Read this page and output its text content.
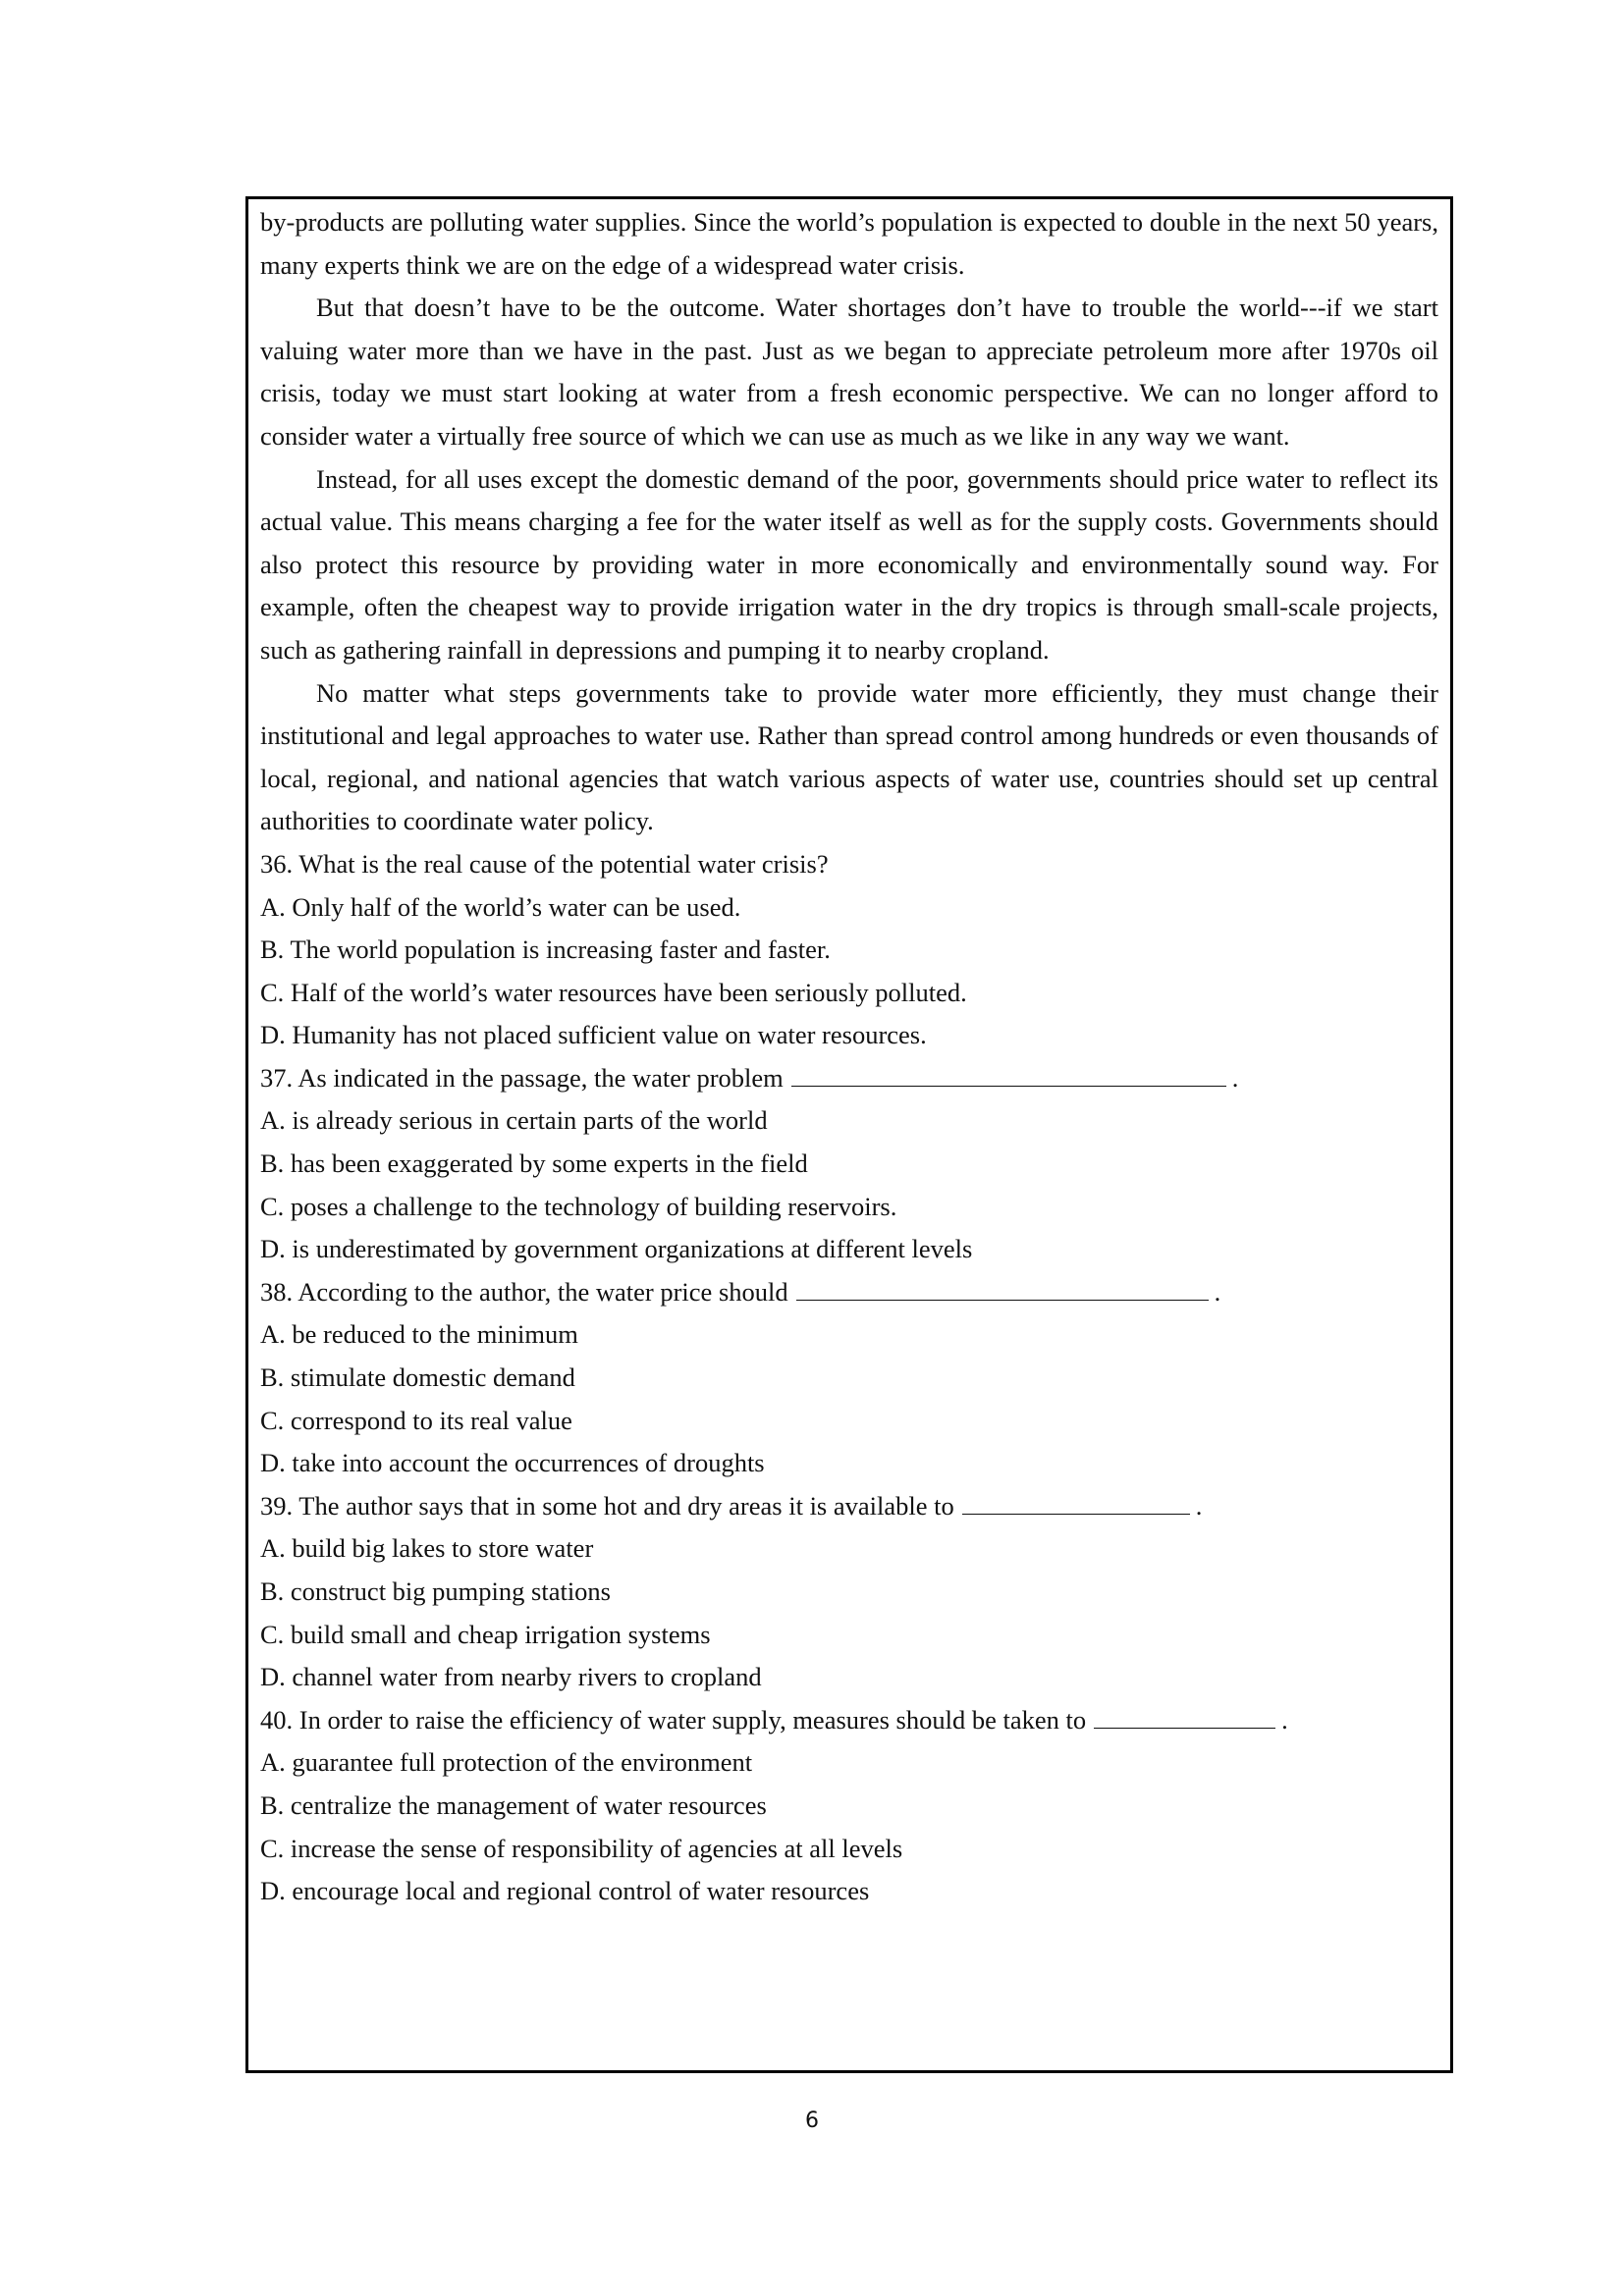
by-products are polluting water supplies. Since the world’s population is expected to double in the next 50 years, many experts think we are on the edge of a widespread water crisis.

But that doesn’t have to be the outcome. Water shortages don’t have to trouble the world---if we start valuing water more than we have in the past. Just as we began to appreciate petroleum more after 1970s oil crisis, today we must start looking at water from a fresh economic perspective. We can no longer afford to consider water a virtually free source of which we can use as much as we like in any way we want.

Instead, for all uses except the domestic demand of the poor, governments should price water to reflect its actual value. This means charging a fee for the water itself as well as for the supply costs. Governments should also protect this resource by providing water in more economically and environmentally sound way. For example, often the cheapest way to provide irrigation water in the dry tropics is through small-scale projects, such as gathering rainfall in depressions and pumping it to nearby cropland.

No matter what steps governments take to provide water more efficiently, they must change their institutional and legal approaches to water use. Rather than spread control among hundreds or even thousands of local, regional, and national agencies that watch various aspects of water use, countries should set up central authorities to coordinate water policy.

36. What is the real cause of the potential water crisis?

A. Only half of the world’s water can be used.

B. The world population is increasing faster and faster.

C. Half of the world’s water resources have been seriously polluted.

D. Humanity has not placed sufficient value on water resources.

37. As indicated in the passage, the water problem	.

A. is already serious in certain parts of the world

B. has been exaggerated by some experts in the field

C. poses a challenge to the technology of building reservoirs.

D. is underestimated by government organizations at different levels

38. According to the author, the water price should	.

A. be reduced to the minimum

B. stimulate domestic demand

C. correspond to its real value

D. take into account the occurrences of droughts

39. The author says that in some hot and dry areas it is available to	.

A. build big lakes to store water

B. construct big pumping stations

C. build small and cheap irrigation systems

D. channel water from nearby rivers to cropland

40. In order to raise the efficiency of water supply, measures should be taken to	.

A. guarantee full protection of the environment

B. centralize the management of water resources

C. increase the sense of responsibility of agencies at all levels

D. encourage local and regional control of water resources

6
